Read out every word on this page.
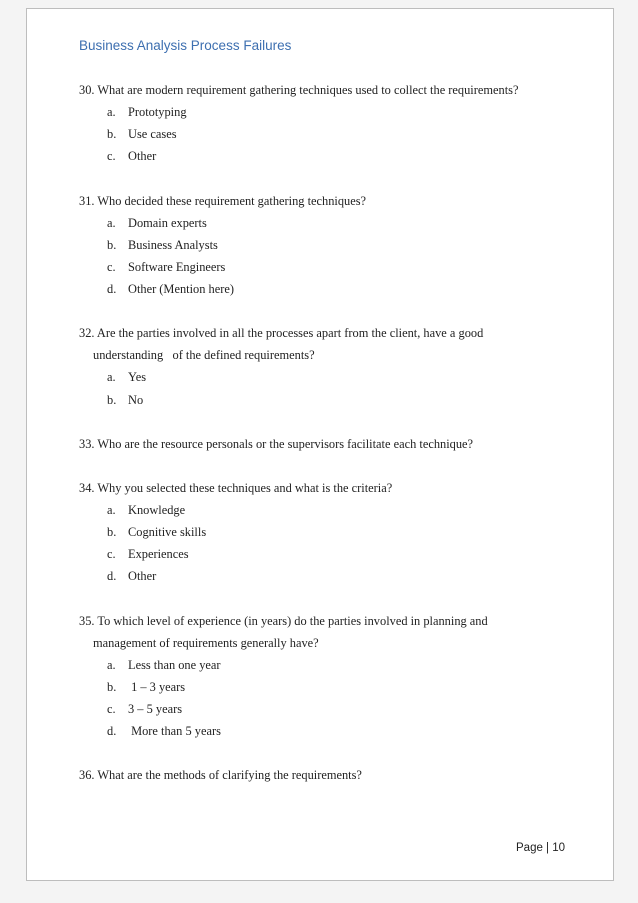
Business Analysis Process Failures

30. What are modern requirement gathering techniques used to collect the requirements?

a. Prototyping
b. Use cases
c. Other

31. Who decided these requirement gathering techniques?

a. Domain experts
b. Business Analysts
c. Software Engineers
d. Other (Mention here)

32. Are the parties involved in all the processes apart from the client, have a good

understanding   of the defined requirements?

a. Yes
b. No

33. Who are the resource personals or the supervisors facilitate each technique?

34. Why you selected these techniques and what is the criteria?

a. Knowledge
b. Cognitive skills
c. Experiences
d. Other

35. To which level of experience (in years) do the parties involved in planning and

management of requirements generally have?

a. Less than one year
b. 1 – 3 years
c. 3 – 5 years
d. More than 5 years

36. What are the methods of clarifying the requirements?

Page | 10
